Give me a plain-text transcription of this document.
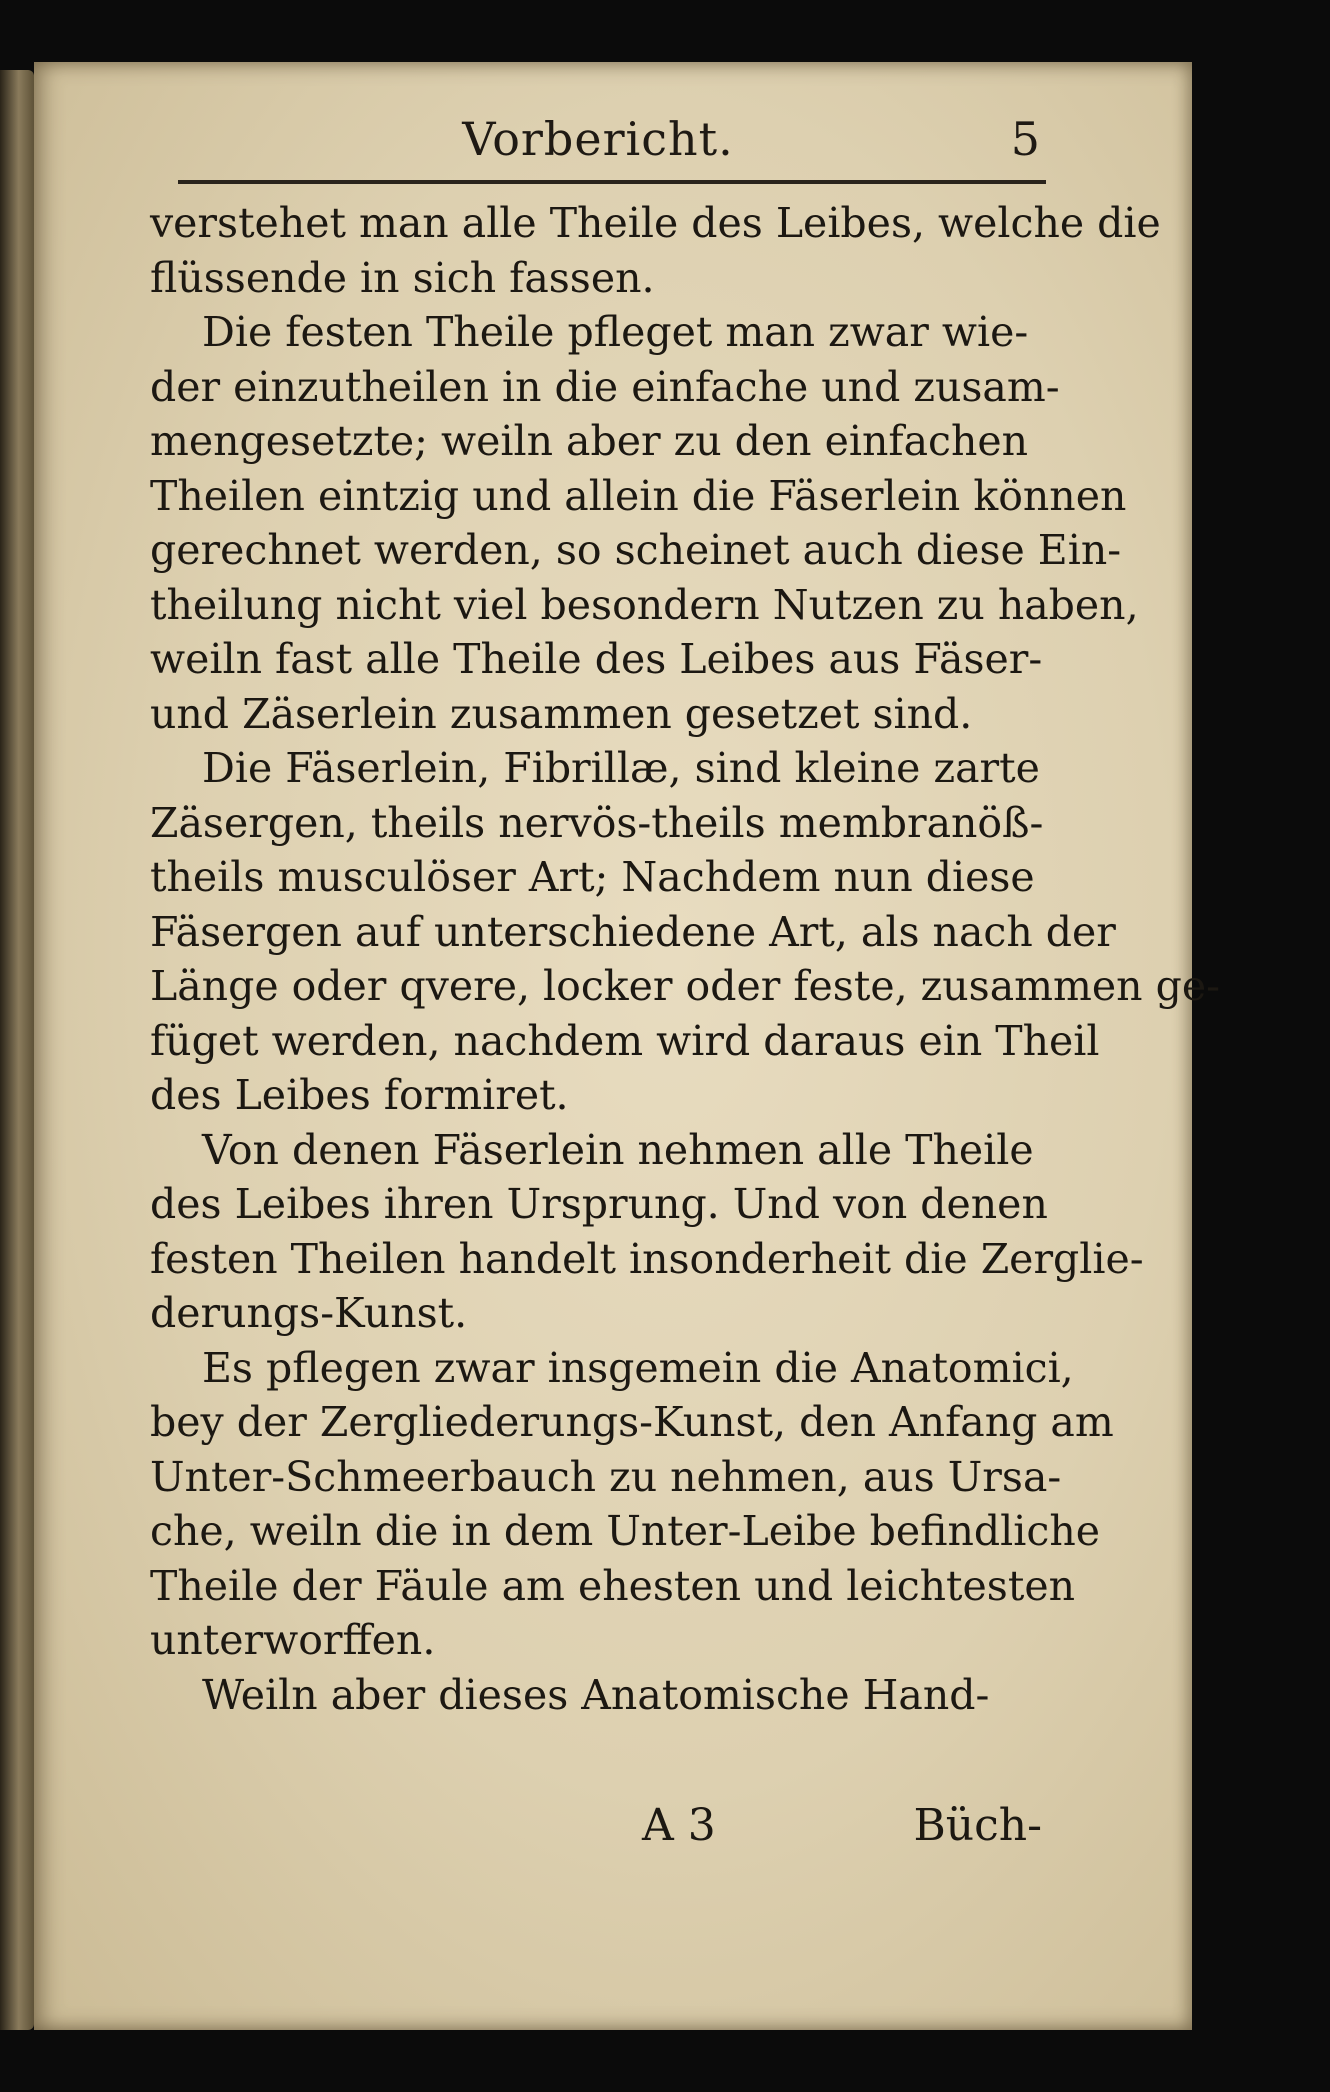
Vorbericht.	5
verstehet man alle Theile des Leibes, welche die
flüssende in sich fassen.
Die festen Theile pfleget man zwar wie-
der einzutheilen in die einfache und zusam-
mengesetzte; weiln aber zu den einfachen
Theilen eintzig und allein die Fäserlein können
gerechnet werden, so scheinet auch diese Ein-
theilung nicht viel besondern Nutzen zu haben,
weiln fast alle Theile des Leibes aus Fäser-
und Zäserlein zusammen gesetzet sind.
Die Fäserlein, Fibrillæ, sind kleine zarte
Zäsergen, theils nervös-theils membranöß-
theils musculöser Art; Nachdem nun diese
Fäsergen auf unterschiedene Art, als nach der
Länge oder qvere, locker oder feste, zusammen ge-
füget werden, nachdem wird daraus ein Theil
des Leibes formiret.
Von denen Fäserlein nehmen alle Theile
des Leibes ihren Ursprung. Und von denen
festen Theilen handelt insonderheit die Zerglie-
derungs-Kunst.
Es pflegen zwar insgemein die Anatomici,
bey der Zergliederungs-Kunst, den Anfang am
Unter-Schmeerbauch zu nehmen, aus Ursa-
che, weiln die in dem Unter-Leibe befindliche
Theile der Fäule am ehesten und leichtesten
unterworffen.
Weiln aber dieses Anatomische Hand-
A 3	Büch-
